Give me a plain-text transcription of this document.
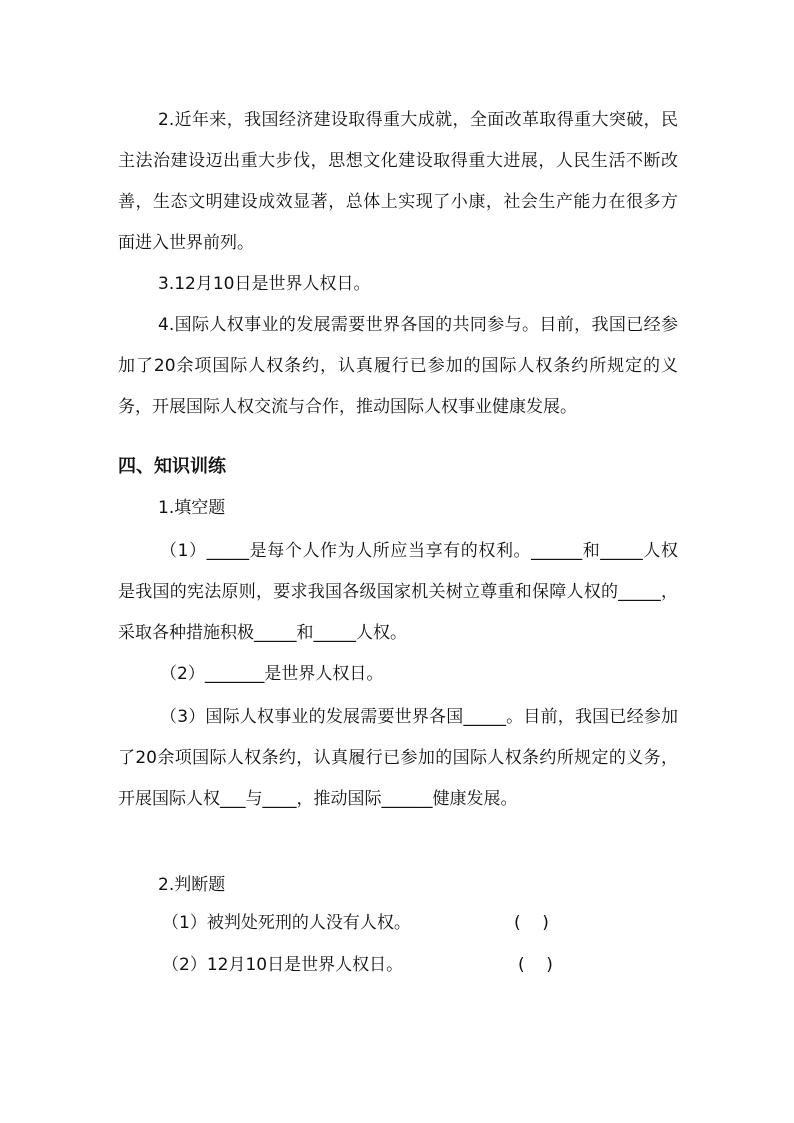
2.近年来，我国经济建设取得重大成就，全面改革取得重大突破，民主法治建设迈出重大步伐，思想文化建设取得重大进展，人民生活不断改善，生态文明建设成效显著，总体上实现了小康，社会生产能力在很多方面进入世界前列。

3.12月10日是世界人权日。

4.国际人权事业的发展需要世界各国的共同参与。目前，我国已经参加了20余项国际人权条约，认真履行已参加的国际人权条约所规定的义务，开展国际人权交流与合作，推动国际人权事业健康发展。

四、知识训练

1.填空题

（1）_____是每个人作为人所应当享有的权利。______和_____人权是我国的宪法原则，要求我国各级国家机关树立尊重和保障人权的_____，采取各种措施积极_____和_____人权。

（2）_______是世界人权日。

（3）国际人权事业的发展需要世界各国_____。目前，我国已经参加了20余项国际人权条约，认真履行已参加的国际人权条约所规定的义务，开展国际人权___与____，推动国际______健康发展。

2.判断题

（1）被判处死刑的人没有人权。	(    )

（2）12月10日是世界人权日。	(    )
